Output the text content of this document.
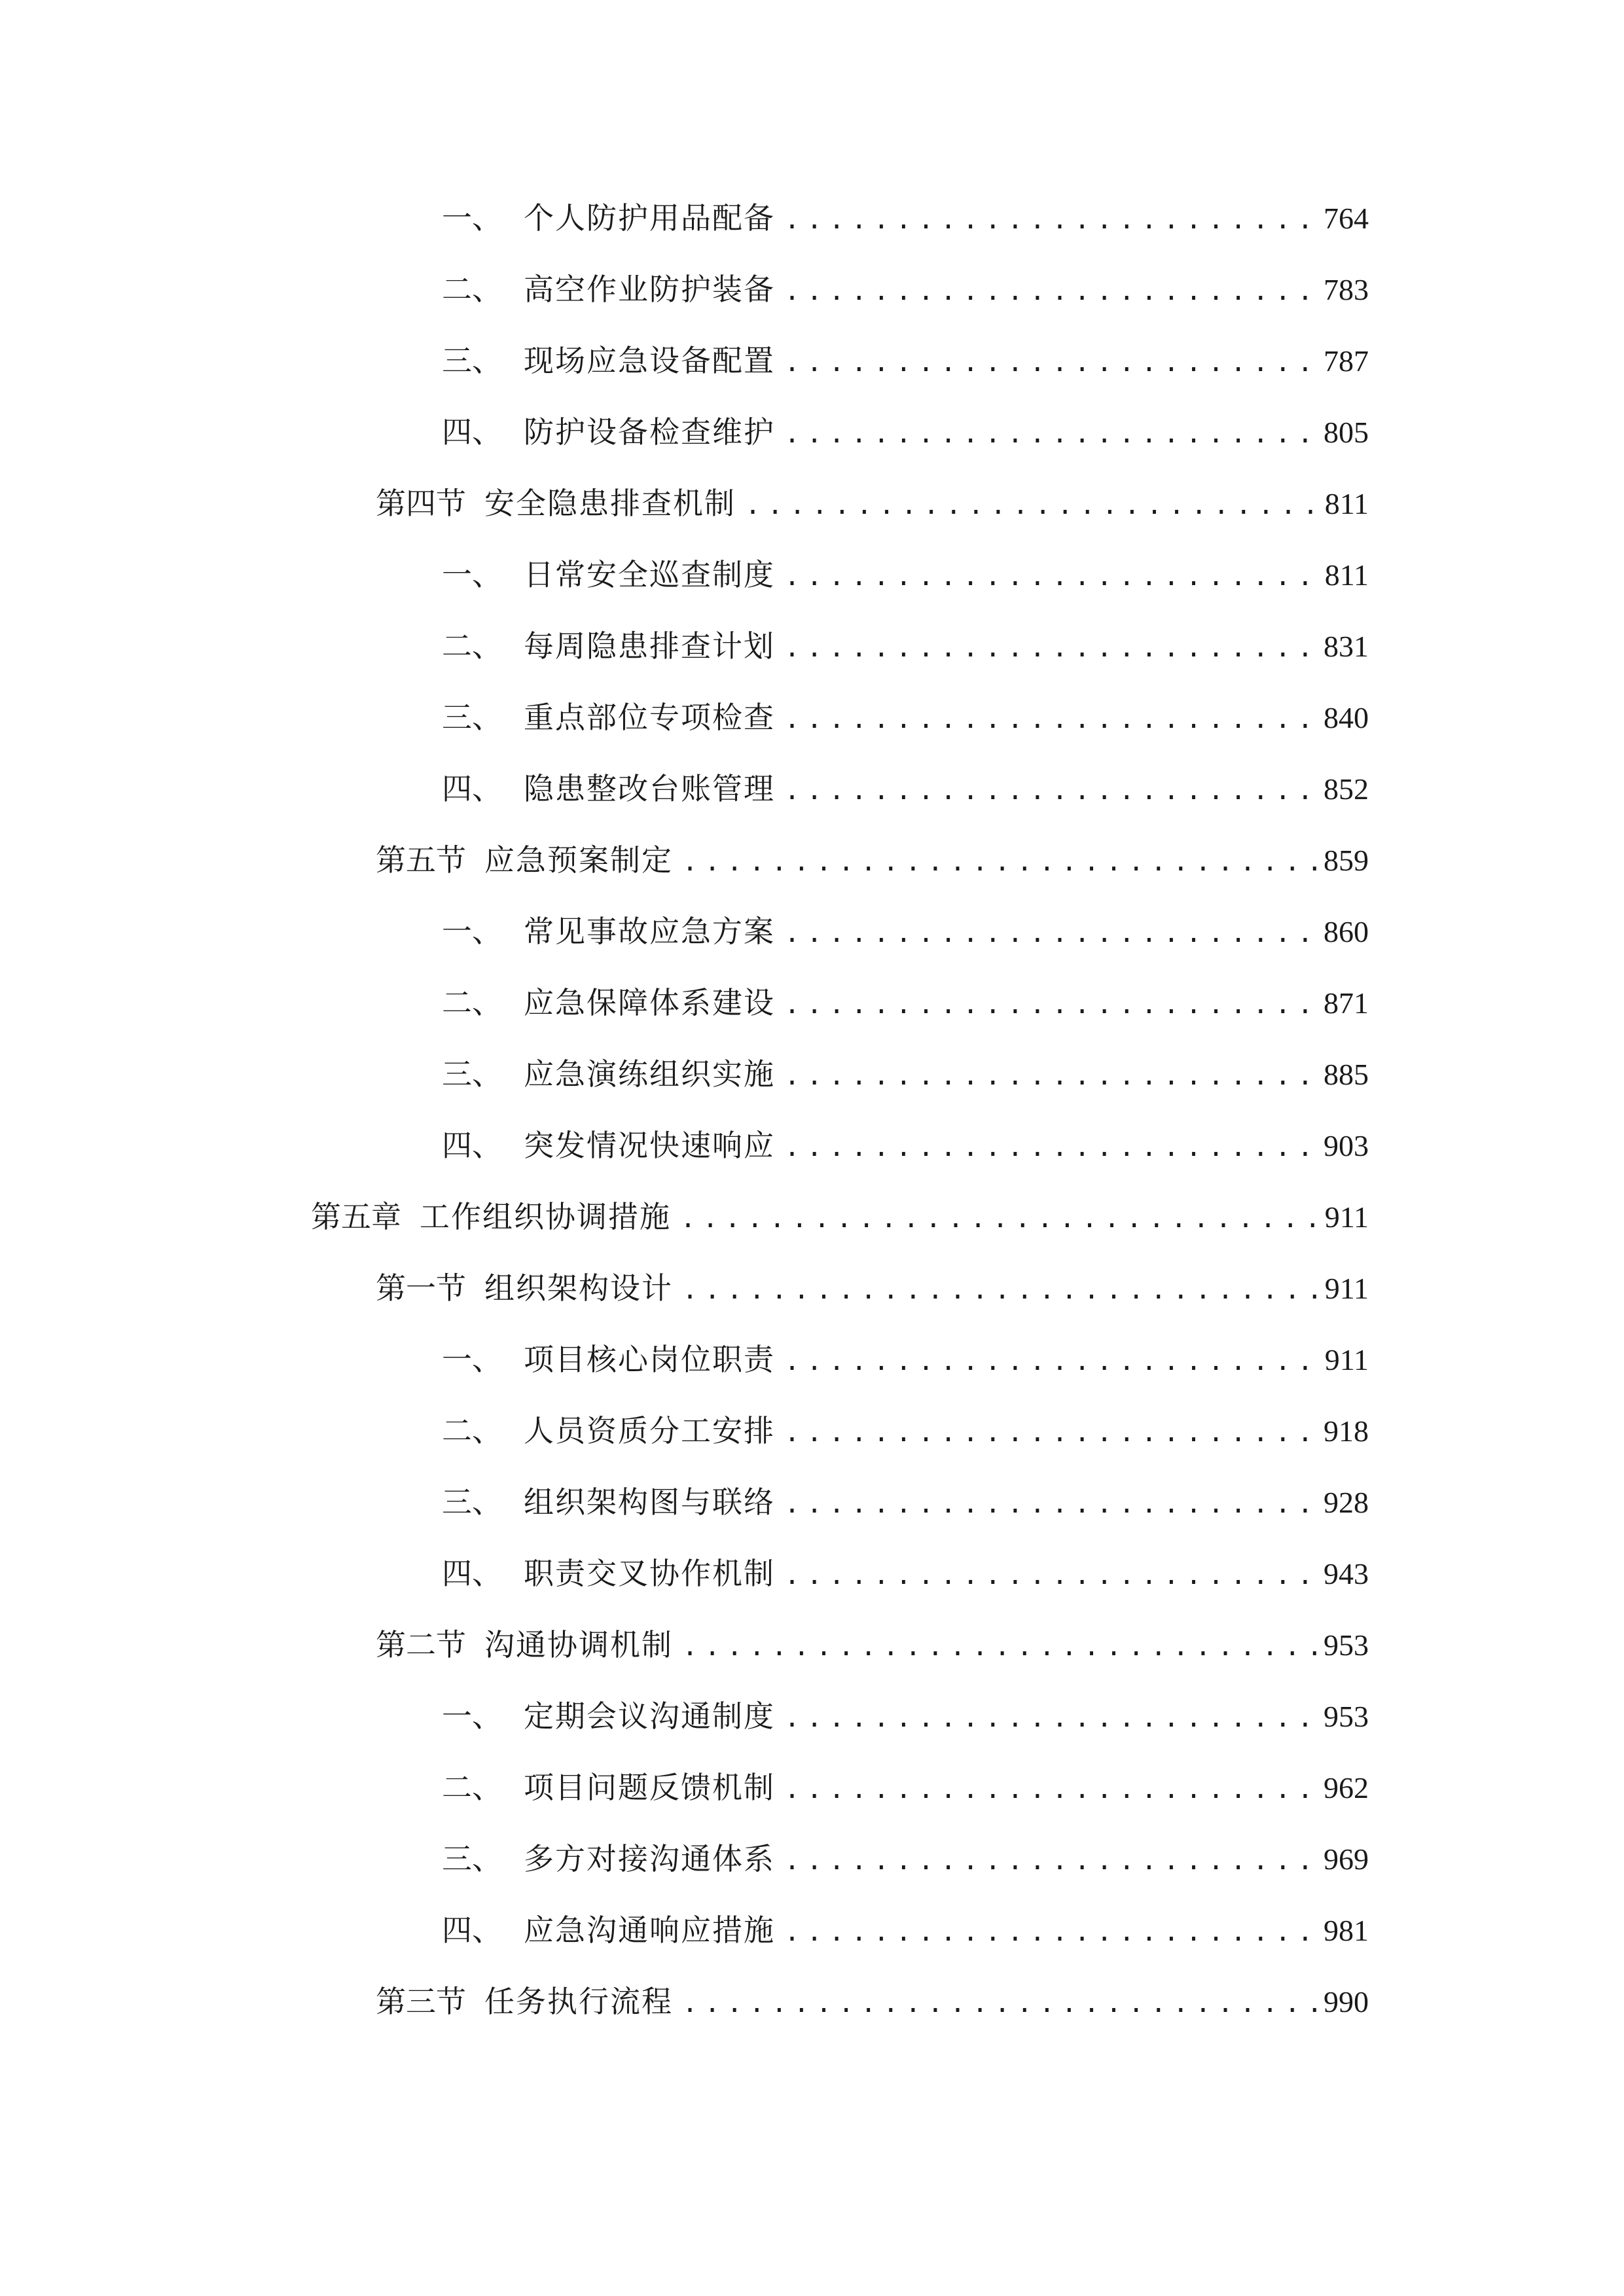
一、 个人防护用品配备 .....	764
二、 高空作业防护装备 .....	783
三、 现场应急设备配置 .....	787
四、 防护设备检查维护 .....	805
第四节 安全隐患排查机制 .....	811
一、 日常安全巡查制度 .....	811
二、 每周隐患排查计划 .....	831
三、 重点部位专项检查 .....	840
四、 隐患整改台账管理 .....	852
第五节 应急预案制定 .....	859
一、 常见事故应急方案 .....	860
二、 应急保障体系建设 .....	871
三、 应急演练组织实施 .....	885
四、 突发情况快速响应 .....	903
第五章 工作组织协调措施 .....	911
第一节 组织架构设计 .....	911
一、 项目核心岗位职责 .....	911
二、 人员资质分工安排 .....	918
三、 组织架构图与联络 .....	928
四、 职责交叉协作机制 .....	943
第二节 沟通协调机制 .....	953
一、 定期会议沟通制度 .....	953
二、 项目问题反馈机制 .....	962
三、 多方对接沟通体系 .....	969
四、 应急沟通响应措施 .....	981
第三节 任务执行流程 .....	990
